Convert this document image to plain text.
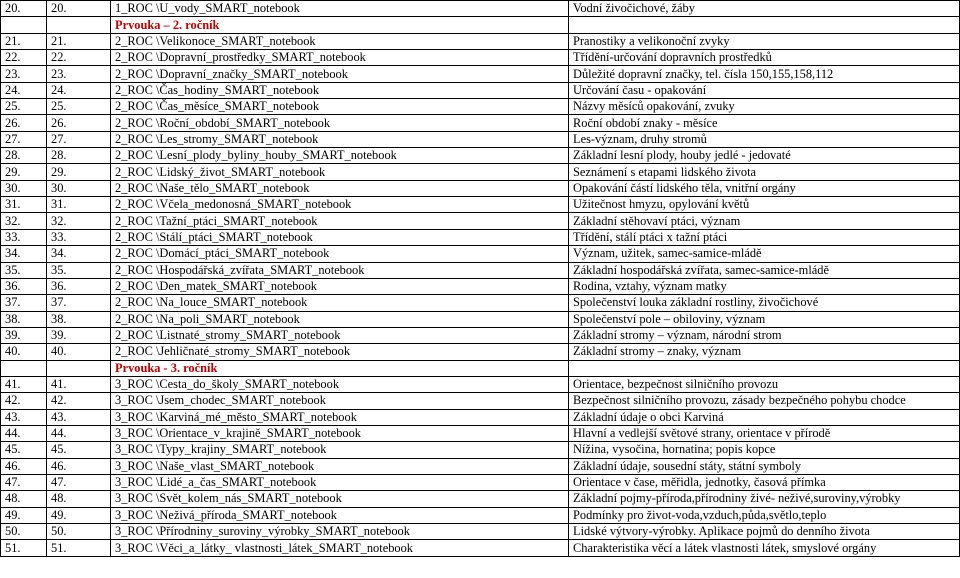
20.	20.	1_ROC \U_vody_SMART_notebook	Vodní živočichové, žáby
		Prvouka – 2. ročník	
21.	21.	2_ROC \Velikonoce_SMART_notebook	Pranostiky a velikonoční zvyky
22.	22.	2_ROC \Dopravní_prostředky_SMART_notebook	Třídění-určování dopravních prostředků
23.	23.	2_ROC \Dopravní_značky_SMART_notebook	Důležité dopravní značky, tel. čísla 150,155,158,112
24.	24.	2_ROC \Čas_hodiny_SMART_notebook	Určování času - opakování
25.	25.	2_ROC \Čas_měsíce_SMART_notebook	Názvy měsíců opakování, zvuky
26.	26.	2_ROC \Roční_období_SMART_notebook	Roční období znaky - měsíce
27.	27.	2_ROC \Les_stromy_SMART_notebook	Les-význam, druhy stromů
28.	28.	2_ROC \Lesní_plody_byliny_houby_SMART_notebook	Základní lesní plody, houby jedlé - jedovaté
29.	29.	2_ROC \Lidský_život_SMART_notebook	Seznámení s etapami lidského života
30.	30.	2_ROC \Naše_tělo_SMART_notebook	Opakování částí lidského těla, vnitřní orgány
31.	31.	2_ROC \Včela_medonosná_SMART_notebook	Užitečnost hmyzu, opylování květů
32.	32.	2_ROC \Tažní_ptáci_SMART_notebook	Základní stěhovaví ptáci, význam
33.	33.	2_ROC \Stálí_ptáci_SMART_notebook	Třídění, stálí ptáci x tažní ptáci
34.	34.	2_ROC \Domácí_ptáci_SMART_notebook	Význam, užitek, samec-samice-mládě
35.	35.	2_ROC \Hospodářská_zvířata_SMART_notebook	Základní hospodářská zvířata, samec-samice-mládě
36.	36.	2_ROC \Den_matek_SMART_notebook	Rodina, vztahy, význam matky
37.	37.	2_ROC \Na_louce_SMART_notebook	Společenství louka základní rostliny, živočichové
38.	38.	2_ROC \Na_poli_SMART_notebook	Společenství pole – obiloviny, význam
39.	39.	2_ROC \Listnaté_stromy_SMART_notebook	Základní stromy – význam, národní strom
40.	40.	2_ROC \Jehličnaté_stromy_SMART_notebook	Základní stromy – znaky, význam
		Prvouka - 3. ročník	
41.	41.	3_ROC \Cesta_do_školy_SMART_notebook	Orientace, bezpečnost silničního provozu
42.	42.	3_ROC \Jsem_chodec_SMART_notebook	Bezpečnost silničního provozu, zásady bezpečného pohybu chodce
43.	43.	3_ROC \Karviná_mé_město_SMART_notebook	Základní údaje o obci Karviná
44.	44.	3_ROC \Orientace_v_krajině_SMART_notebook	Hlavní a vedlejší světové strany, orientace v přírodě
45.	45.	3_ROC \Typy_krajiny_SMART_notebook	Nížina, vysočina, hornatina; popis kopce
46.	46.	3_ROC \Naše_vlast_SMART_notebook	Základní údaje, sousední státy, státní symboly
47.	47.	3_ROC \Lidé_a_čas_SMART_notebook	Orientace v čase, měřidla, jednotky, časová přímka
48.	48.	3_ROC \Svět_kolem_nás_SMART_notebook	Základní pojmy-příroda,přírodniny živé- neživé,suroviny,výrobky
49.	49.	3_ROC \Neživá_příroda_SMART_notebook	Podmínky pro život-voda,vzduch,půda,světlo,teplo
50.	50.	3_ROC \Přírodniny_suroviny_výrobky_SMART_notebook	Lidské výtvory-výrobky. Aplikace pojmů do denního života
51.	51.	3_ROC \Věci_a_látky_ vlastnosti_látek_SMART_notebook	Charakteristika věcí a látek vlastnosti látek, smyslové orgány
